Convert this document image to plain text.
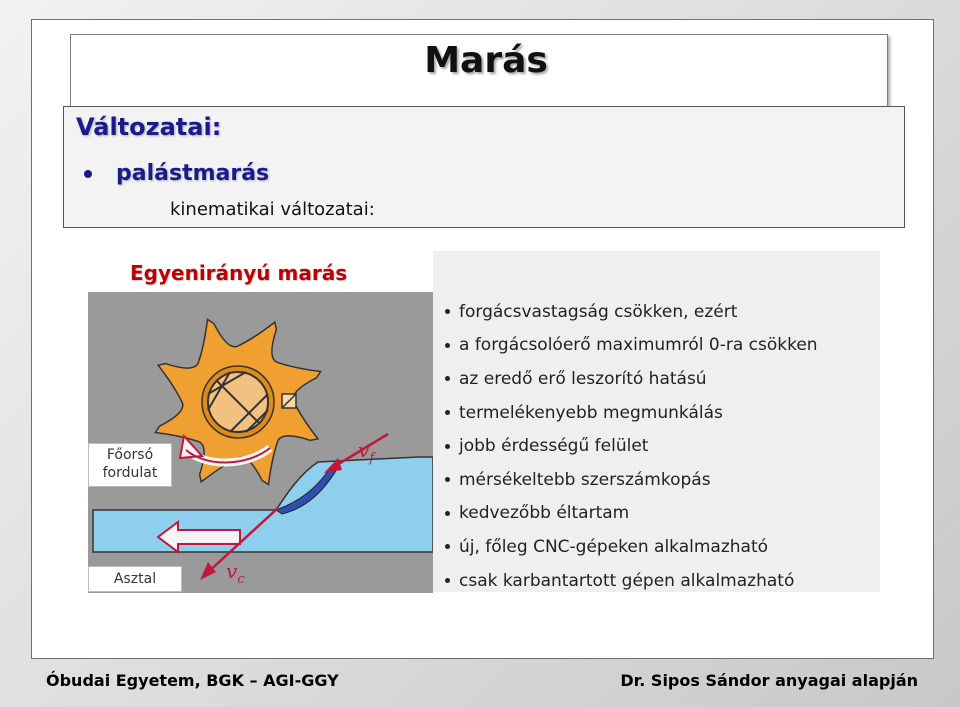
Marás
Változatai:
palástmarás
kinematikai változatai:
$v_f$
$v_c$
Egyenirányú marás
Főorsó
fordulat
Asztal
forgácsvastagság csökken, ezért
a forgácsolóerő maximumról 0-ra csökken
az eredő erő leszorító hatású
termelékenyebb megmunkálás
jobb érdességű felület
mérsékeltebb szerszámkopás
kedvezőbb éltartam
új, főleg CNC-gépeken alkalmazható
csak karbantartott gépen alkalmazható
Óbudai Egyetem, BGK – AGI-GGY	Dr. Sipos Sándor anyagai alapján
